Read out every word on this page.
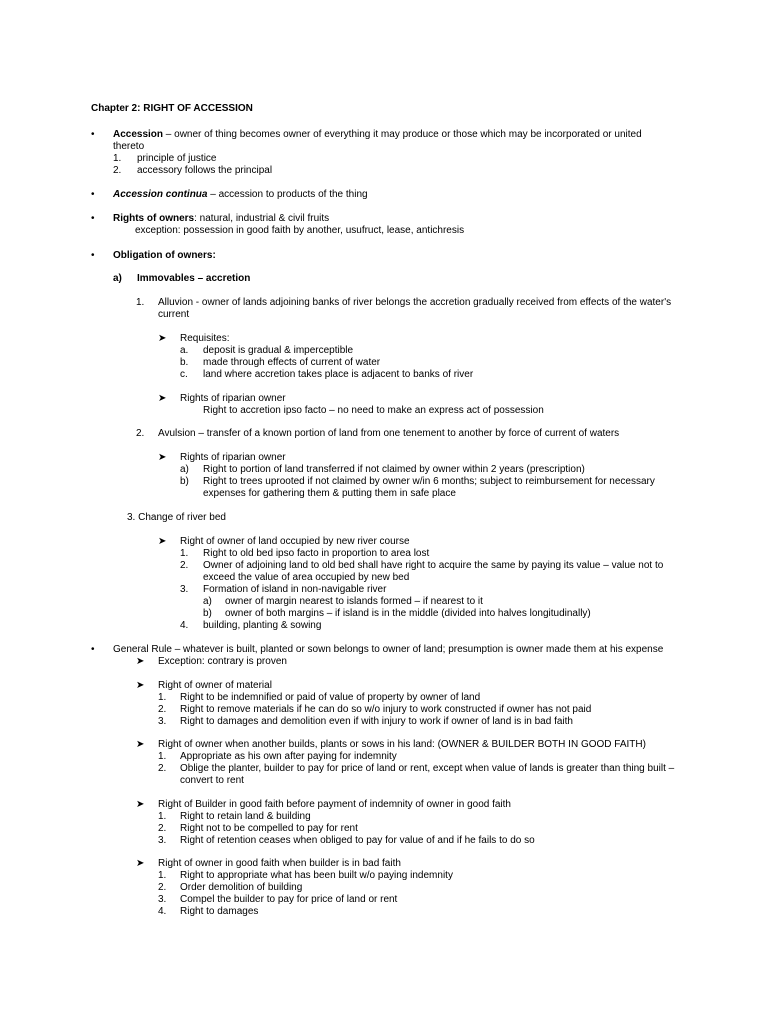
Chapter 2: RIGHT OF ACCESSION
• Accession – owner of thing becomes owner of everything it may produce or those which may be incorporated or united
thereto
1. principle of justice
2. accessory follows the principal
• Accession continua – accession to products of the thing
• Rights of owners: natural, industrial & civil fruits
exception: possession in good faith by another, usufruct, lease, antichresis
• Obligation of owners:
a) Immovables – accretion
1. Alluvion - owner of lands adjoining banks of river belongs the accretion gradually received from effects of the water's
current
➤ Requisites:
a. deposit is gradual & imperceptible
b. made through effects of current of water
c. land where accretion takes place is adjacent to banks of river
➤ Rights of riparian owner
Right to accretion ipso facto – no need to make an express act of possession
2. Avulsion – transfer of a known portion of land from one tenement to another by force of current of waters
➤ Rights of riparian owner
a) Right to portion of land transferred if not claimed by owner within 2 years (prescription)
b) Right to trees uprooted if not claimed by owner w/in 6 months; subject to reimbursement for necessary
expenses for gathering them & putting them in safe place
3. Change of river bed
➤ Right of owner of land occupied by new river course
1. Right to old bed ipso facto in proportion to area lost
2. Owner of adjoining land to old bed shall have right to acquire the same by paying its value – value not to
exceed the value of area occupied by new bed
3. Formation of island in non-navigable river
a) owner of margin nearest to islands formed – if nearest to it
b) owner of both margins – if island is in the middle (divided into halves longitudinally)
4. building, planting & sowing
• General Rule – whatever is built, planted or sown belongs to owner of land; presumption is owner made them at his expense
➤ Exception: contrary is proven
➤ Right of owner of material
1. Right to be indemnified or paid of value of property by owner of land
2. Right to remove materials if he can do so w/o injury to work constructed if owner has not paid
3. Right to damages and demolition even if with injury to work if owner of land is in bad faith
➤ Right of owner when another builds, plants or sows in his land: (OWNER & BUILDER BOTH IN GOOD FAITH)
1. Appropriate as his own after paying for indemnity
2. Oblige the planter, builder to pay for price of land or rent, except when value of lands is greater than thing built –
convert to rent
➤ Right of Builder in good faith before payment of indemnity of owner in good faith
1. Right to retain land & building
2. Right not to be compelled to pay for rent
3. Right of retention ceases when obliged to pay for value of and if he fails to do so
➤ Right of owner in good faith when builder is in bad faith
1. Right to appropriate what has been built w/o paying indemnity
2. Order demolition of building
3. Compel the builder to pay for price of land or rent
4. Right to damages
